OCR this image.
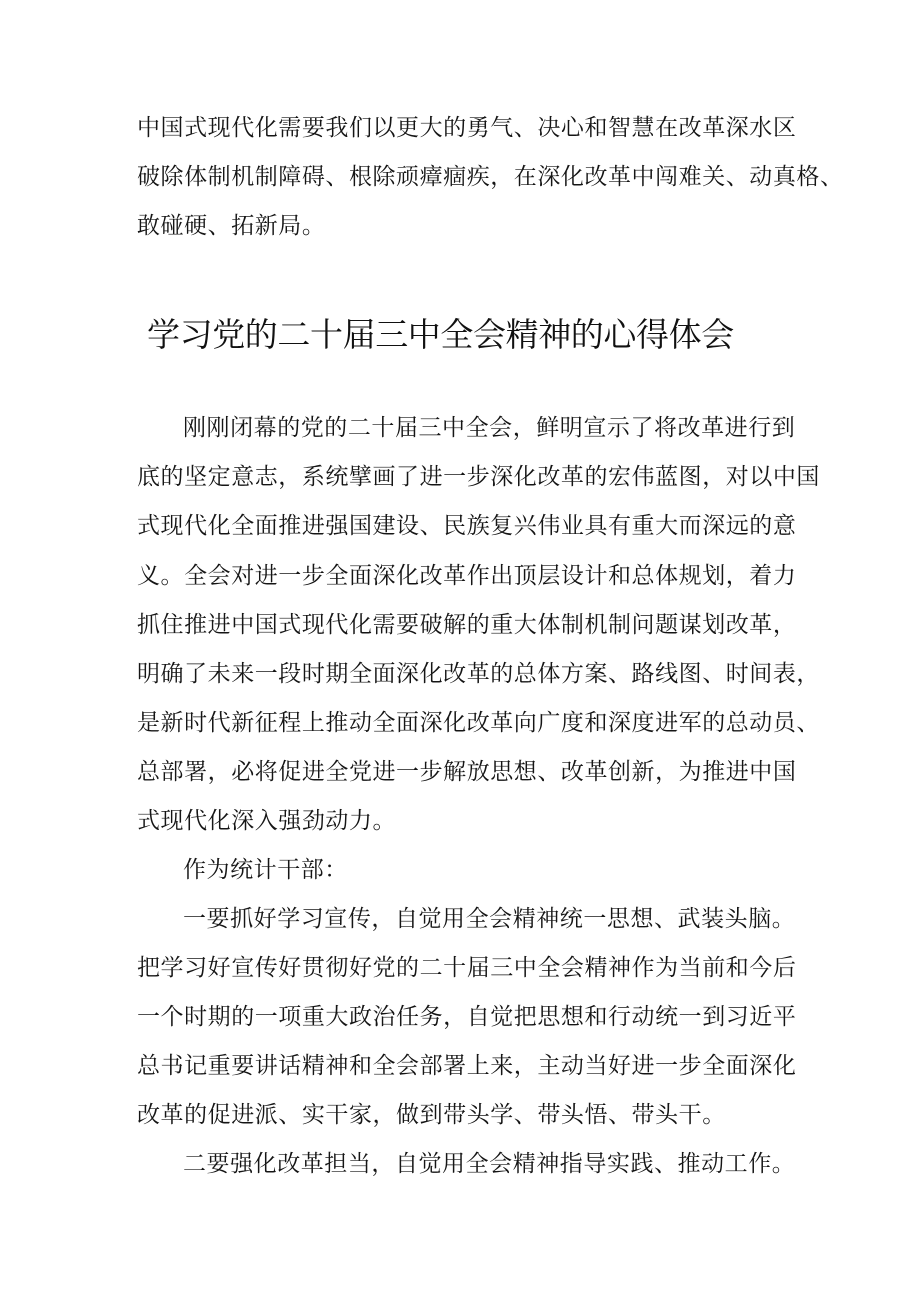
中国式现代化需要我们以更大的勇气、决心和智慧在改革深水区
破除体制机制障碍、根除顽瘴痼疾，在深化改革中闯难关、动真格、
敢碰硬、拓新局。
学习党的二十届三中全会精神的心得体会
刚刚闭幕的党的二十届三中全会，鲜明宣示了将改革进行到
底的坚定意志，系统擘画了进一步深化改革的宏伟蓝图，对以中国
式现代化全面推进强国建设、民族复兴伟业具有重大而深远的意
义。全会对进一步全面深化改革作出顶层设计和总体规划，着力
抓住推进中国式现代化需要破解的重大体制机制问题谋划改革，
明确了未来一段时期全面深化改革的总体方案、路线图、时间表，
是新时代新征程上推动全面深化改革向广度和深度进军的总动员、
总部署，必将促进全党进一步解放思想、改革创新，为推进中国
式现代化深入强劲动力。
作为统计干部：
一要抓好学习宣传，自觉用全会精神统一思想、武装头脑。
把学习好宣传好贯彻好党的二十届三中全会精神作为当前和今后
一个时期的一项重大政治任务，自觉把思想和行动统一到习近平
总书记重要讲话精神和全会部署上来，主动当好进一步全面深化
改革的促进派、实干家，做到带头学、带头悟、带头干。
二要强化改革担当，自觉用全会精神指导实践、推动工作。
